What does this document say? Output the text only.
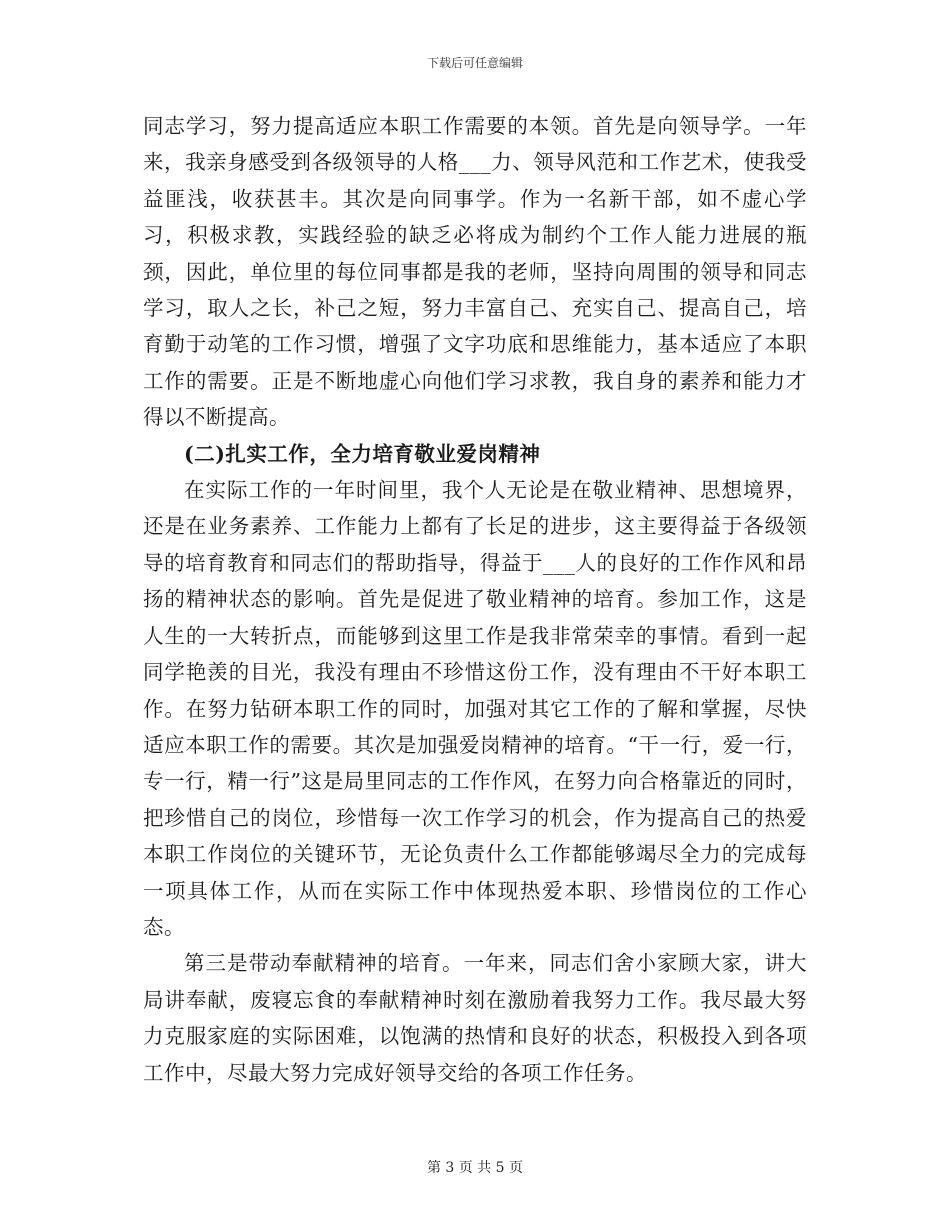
下载后可任意编辑

同志学习，努力提高适应本职工作需要的本领。首先是向领导学。一年来，我亲身感受到各级领导的人格___力、领导风范和工作艺术，使我受益匪浅，收获甚丰。其次是向同事学。作为一名新干部，如不虚心学习，积极求教，实践经验的缺乏必将成为制约个工作人能力进展的瓶颈，因此，单位里的每位同事都是我的老师，坚持向周围的领导和同志学习，取人之长，补己之短，努力丰富自己、充实自己、提高自己，培育勤于动笔的工作习惯，增强了文字功底和思维能力，基本适应了本职工作的需要。正是不断地虚心向他们学习求教，我自身的素养和能力才得以不断提高。

(二)扎实工作，全力培育敬业爱岗精神

在实际工作的一年时间里，我个人无论是在敬业精神、思想境界，还是在业务素养、工作能力上都有了长足的进步，这主要得益于各级领导的培育教育和同志们的帮助指导，得益于___人的良好的工作作风和昂扬的精神状态的影响。首先是促进了敬业精神的培育。参加工作，这是人生的一大转折点，而能够到这里工作是我非常荣幸的事情。看到一起同学艳羡的目光，我没有理由不珍惜这份工作，没有理由不干好本职工作。在努力钻研本职工作的同时，加强对其它工作的了解和掌握，尽快适应本职工作的需要。其次是加强爱岗精神的培育。“干一行，爱一行，专一行，精一行”这是局里同志的工作作风，在努力向合格靠近的同时，把珍惜自己的岗位，珍惜每一次工作学习的机会，作为提高自己的热爱本职工作岗位的关键环节，无论负责什么工作都能够竭尽全力的完成每一项具体工作，从而在实际工作中体现热爱本职、珍惜岗位的工作心态。

第三是带动奉献精神的培育。一年来，同志们舍小家顾大家，讲大局讲奉献，废寝忘食的奉献精神时刻在激励着我努力工作。我尽最大努力克服家庭的实际困难，以饱满的热情和良好的状态，积极投入到各项工作中，尽最大努力完成好领导交给的各项工作任务。

第 3 页 共 5 页
